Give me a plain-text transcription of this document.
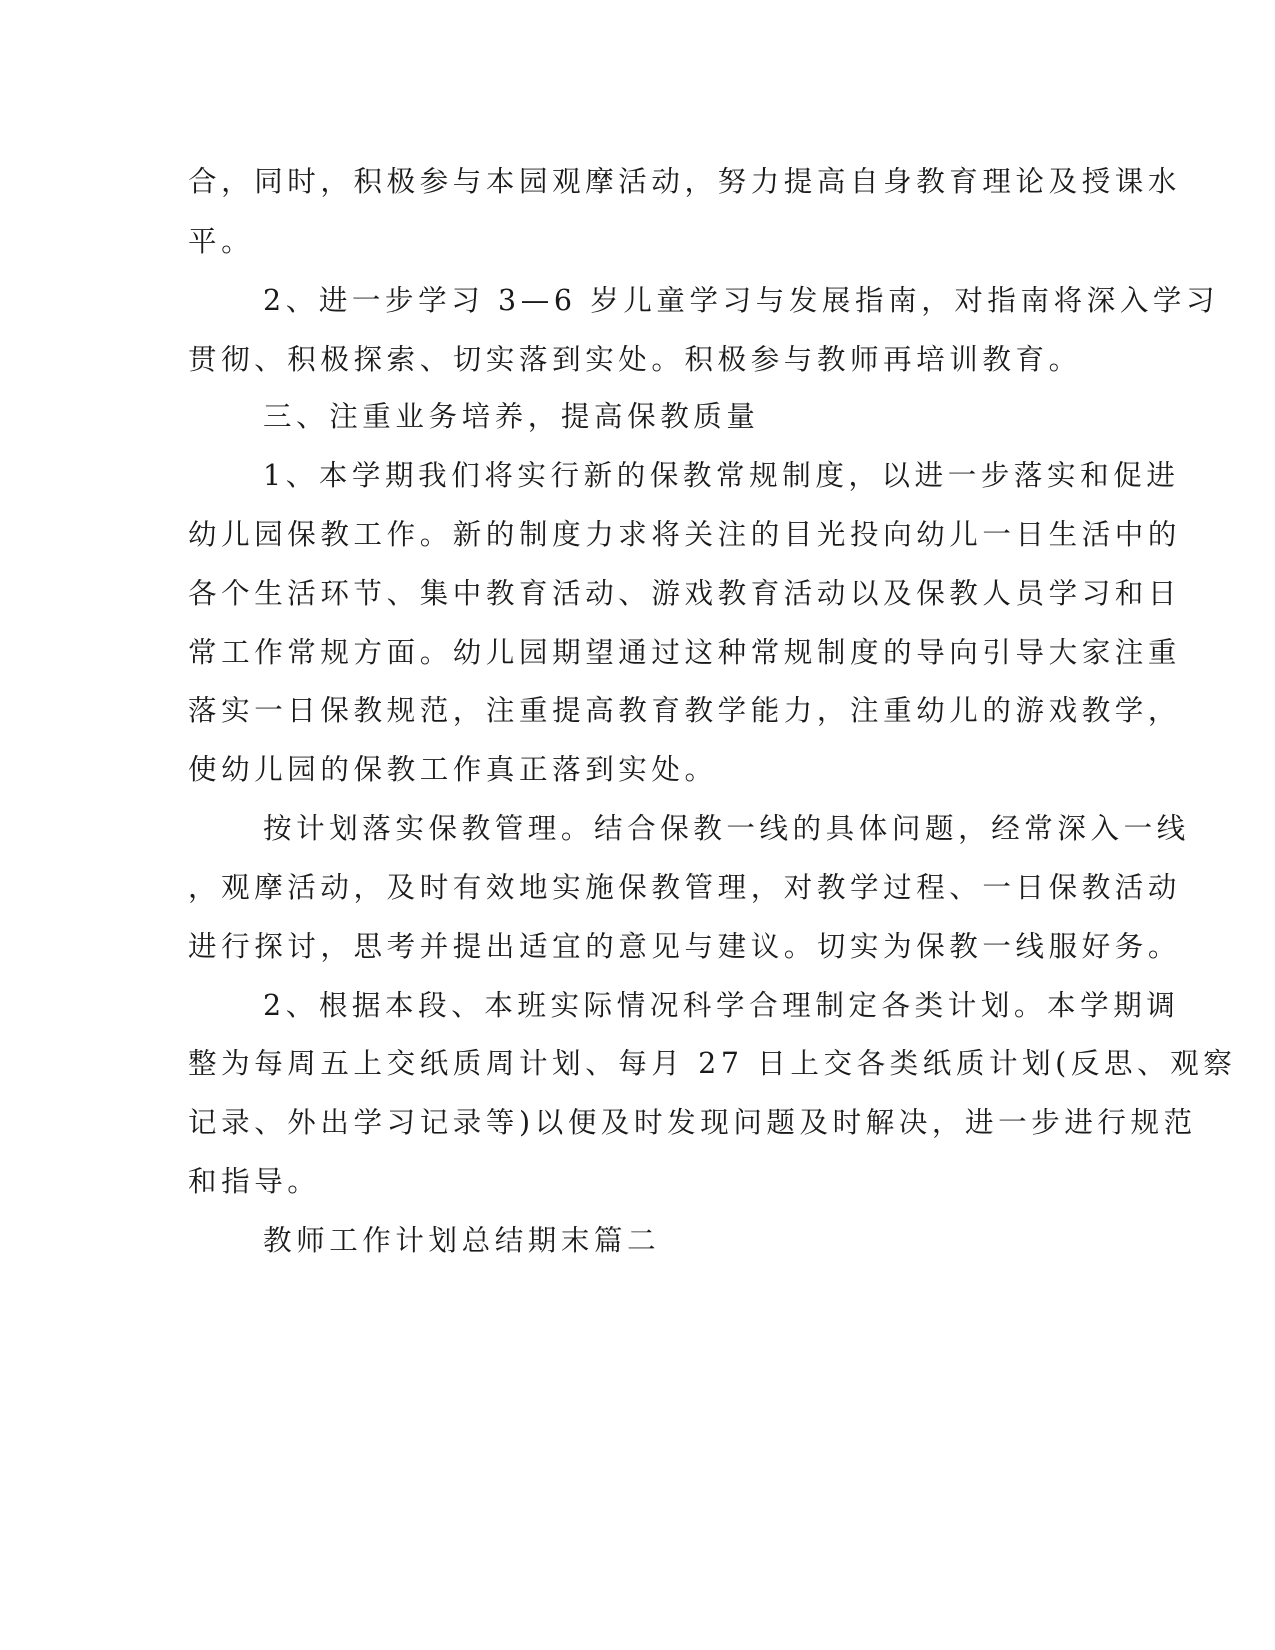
合，同时，积极参与本园观摩活动，努力提高自身教育理论及授课水
平。
2、进一步学习 3—6 岁儿童学习与发展指南，对指南将深入学习
贯彻、积极探索、切实落到实处。积极参与教师再培训教育。
三、注重业务培养，提高保教质量
1、本学期我们将实行新的保教常规制度，以进一步落实和促进
幼儿园保教工作。新的制度力求将关注的目光投向幼儿一日生活中的
各个生活环节、集中教育活动、游戏教育活动以及保教人员学习和日
常工作常规方面。幼儿园期望通过这种常规制度的导向引导大家注重
落实一日保教规范，注重提高教育教学能力，注重幼儿的游戏教学，
使幼儿园的保教工作真正落到实处。
按计划落实保教管理。结合保教一线的具体问题，经常深入一线
，观摩活动，及时有效地实施保教管理，对教学过程、一日保教活动
进行探讨，思考并提出适宜的意见与建议。切实为保教一线服好务。
2、根据本段、本班实际情况科学合理制定各类计划。本学期调
整为每周五上交纸质周计划、每月 27 日上交各类纸质计划(反思、观察
记录、外出学习记录等)以便及时发现问题及时解决，进一步进行规范
和指导。
教师工作计划总结期末篇二
